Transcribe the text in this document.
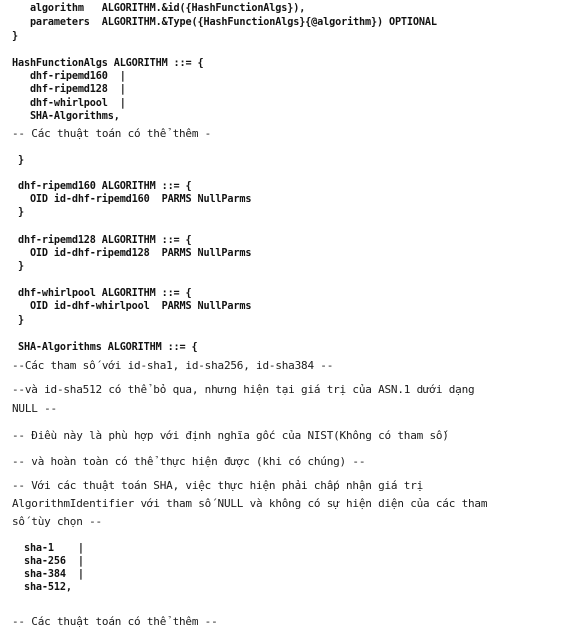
algorithm   ALGORITHM.&id({HashFunctionAlgs}),
parameters  ALGORITHM.&Type({HashFunctionAlgs}{@algorithm}) OPTIONAL
}
HashFunctionAlgs ALGORITHM ::= {
dhf-ripemd160  |
dhf-ripemd128  |
dhf-whirlpool  |
SHA-Algorithms,
-- Các thuật toán có thể thêm -
}
dhf-ripemd160 ALGORITHM ::= {
OID id-dhf-ripemd160  PARMS NullParms
}
dhf-ripemd128 ALGORITHM ::= {
OID id-dhf-ripemd128  PARMS NullParms
}
dhf-whirlpool ALGORITHM ::= {
OID id-dhf-whirlpool  PARMS NullParms
}
SHA-Algorithms ALGORITHM ::= {
--Các tham số với id-sha1, id-sha256, id-sha384 --
--và id-sha512 có thể bỏ qua, nhưng hiện tại giá trị của ASN.1 dưới dạng
NULL --
-- Điều này là phù hợp với định nghĩa gốc của NIST(Không có tham số)
-- và hoàn toàn có thể thực hiện được (khi có chúng) --
-- Với các thuật toán SHA, việc thực hiện phải chấp nhận giá trị
AlgorithmIdentifier với tham số NULL và không có sự hiện diện của các tham
số tùy chọn --
sha-1    |
sha-256  |
sha-384  |
sha-512,
-- Các thuật toán có thể thêm --
